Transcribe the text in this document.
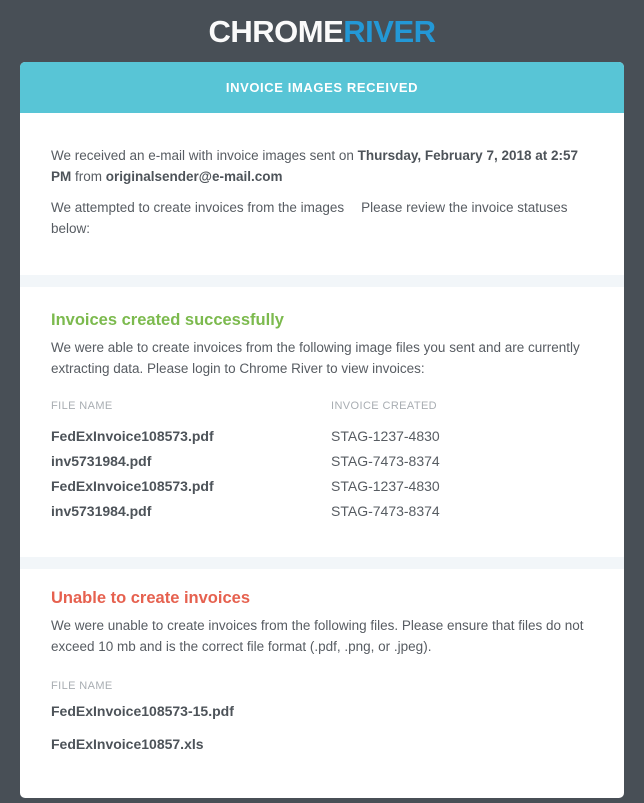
CHROMERIVER
INVOICE IMAGES RECEIVED

We received an e-mail with invoice images sent on Thursday, February 7, 2018 at 2:57 PM from originalsender@e-mail.com

We attempted to create invoices from the images Please review the invoice statuses below:

Invoices created successfully

We were able to create invoices from the following image files you sent and are currently extracting data. Please login to Chrome River to view invoices:

FILE NAME	INVOICE CREATED
FedExInvoice108573.pdf	STAG-1237-4830
inv5731984.pdf	STAG-7473-8374
FedExInvoice108573.pdf	STAG-1237-4830
inv5731984.pdf	STAG-7473-8374
Unable to create invoices

We were unable to create invoices from the following files. Please ensure that files do not exceed 10 mb and is the correct file format (.pdf, .png, or .jpeg).

FILE NAME
FedExInvoice108573-15.pdf
FedExInvoice10857.xls
